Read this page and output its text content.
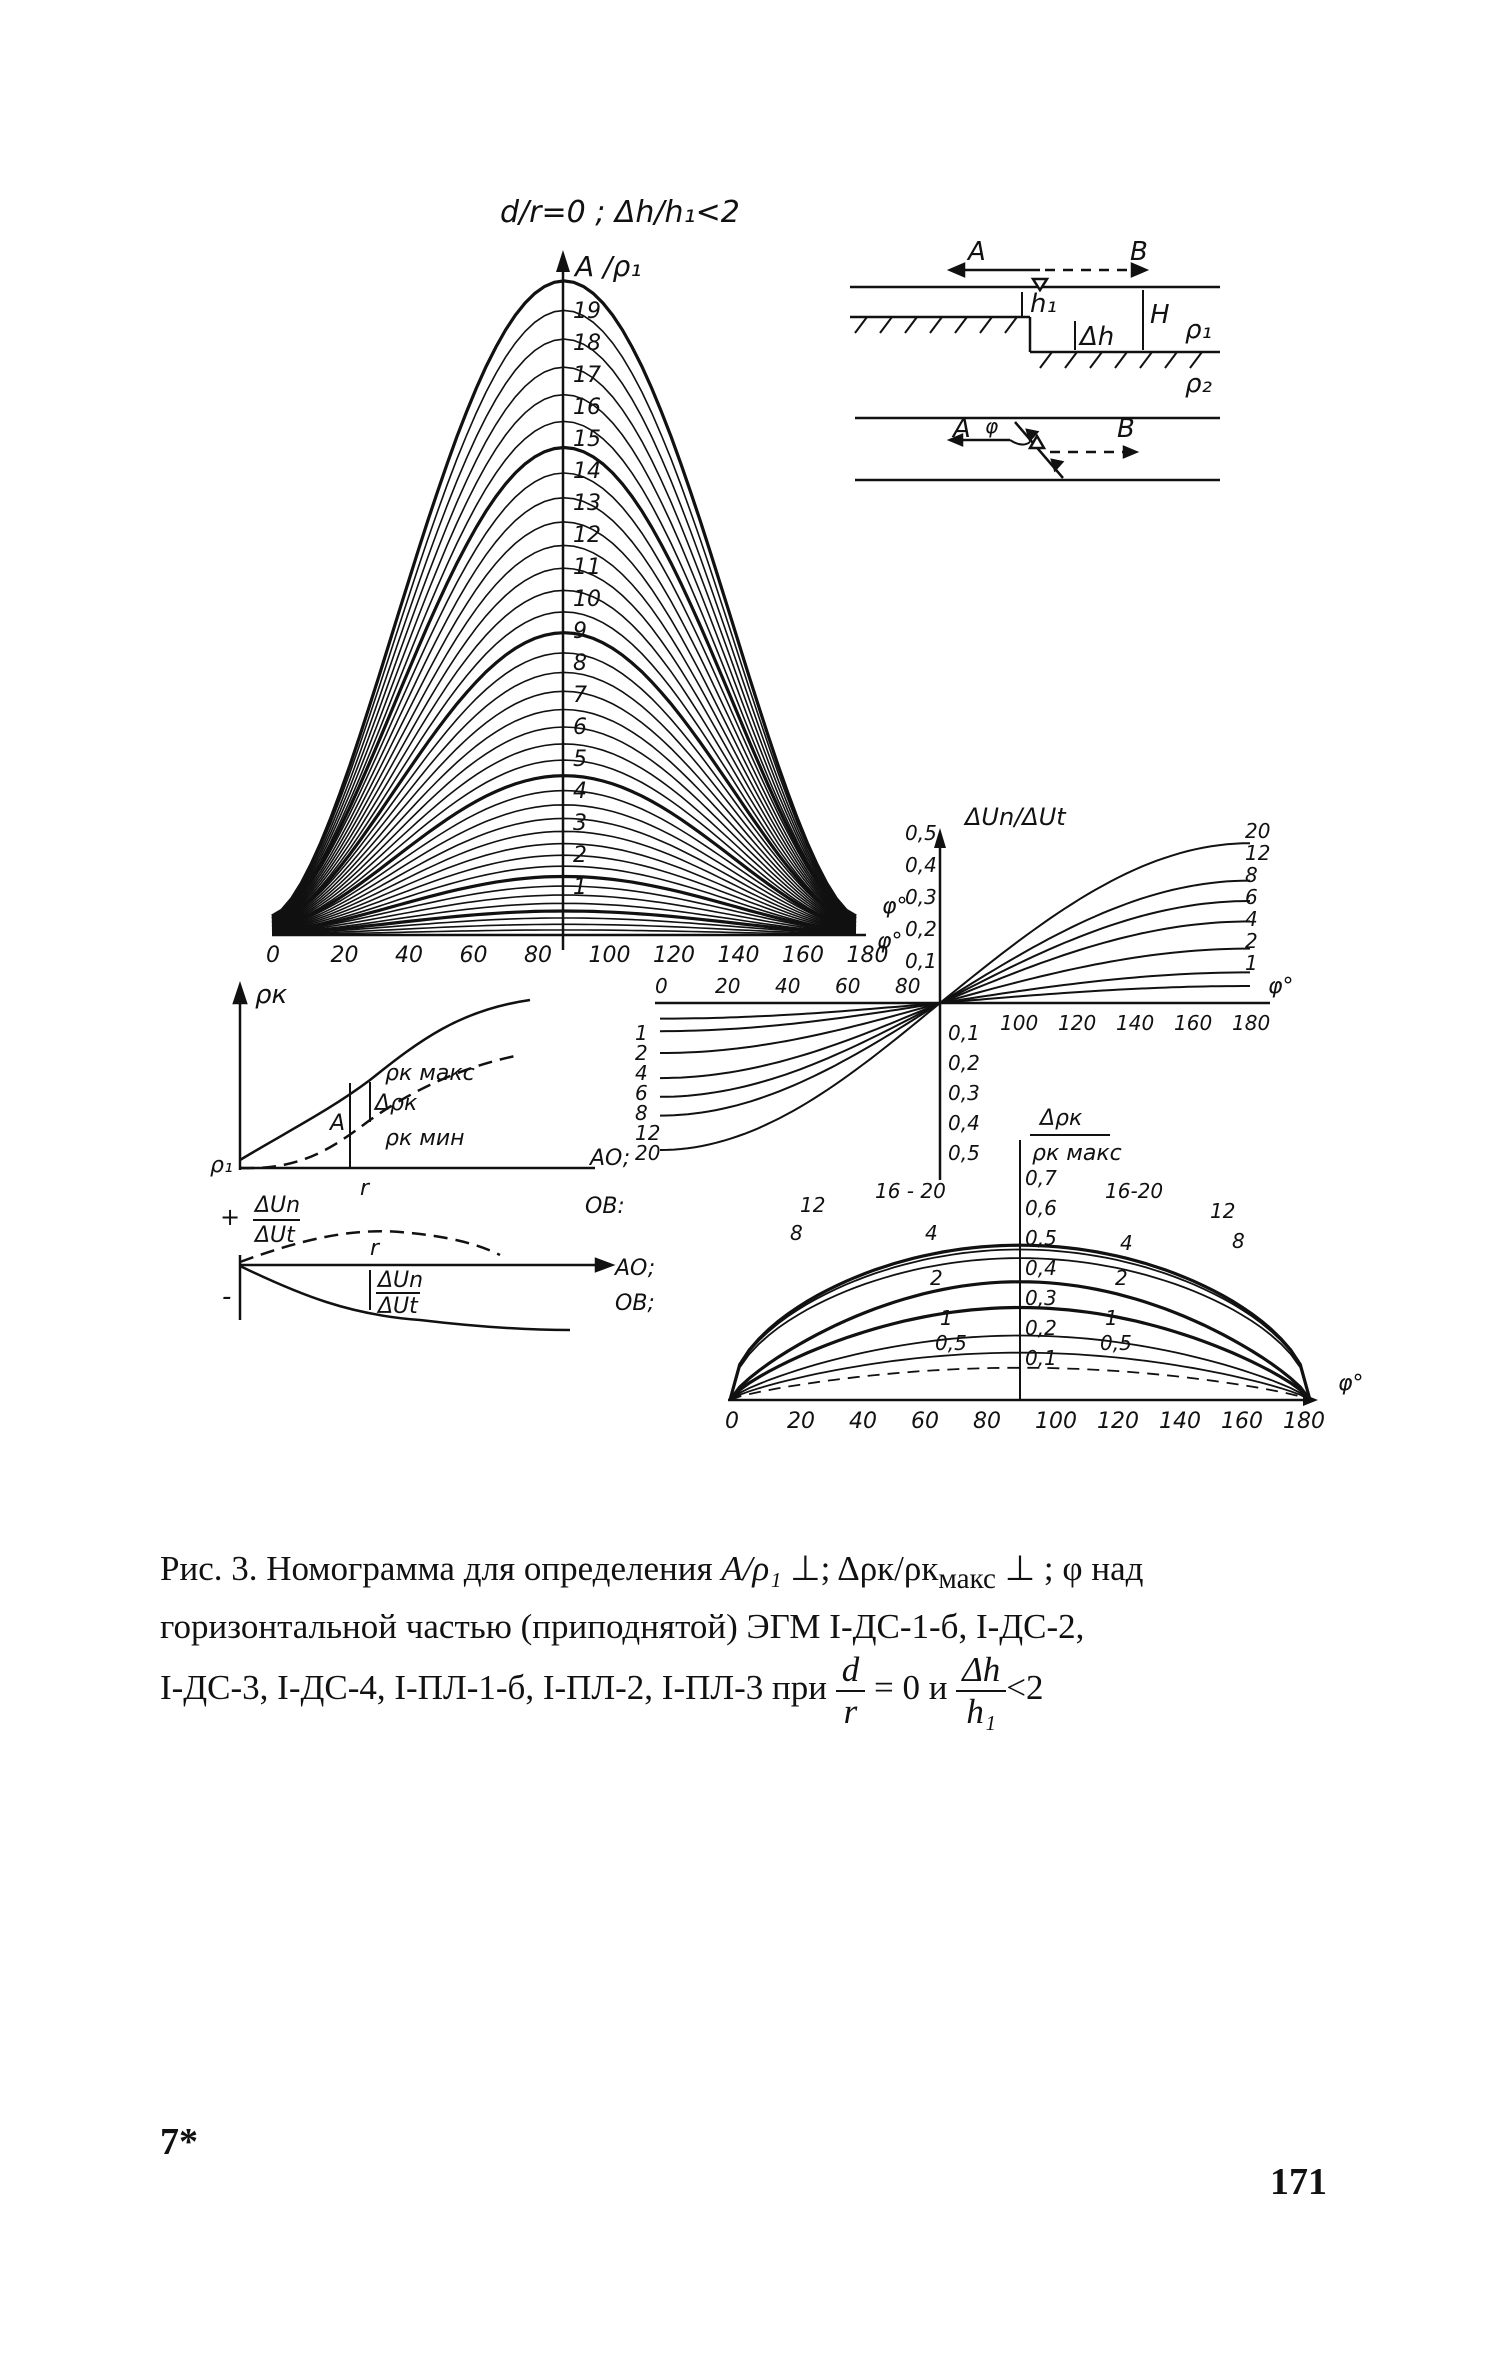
d/r=0 ; Δh/h₁<2
A /ρ₁
19
18
17
16
15
14
13
12
11
10
9
8
7
6
5
4
3
2
1
0 20 40 60 80 100 120 140 160 180
φ°
A	B
h₁
Δh
H ρ₁
ρ₂
A	B
φ
ΔUn/ΔUt
φ°
φ°
0,5
0,4
0,3
0,2
0,1
0,1
0,2
0,3
0,4
0,5
0 20 40 60 80
100 120 140 160 180
20
12
8
6
4
2
1
1
2
4
6
8
12
20
ρк
ρк макс
Δρк
ρк мин
A
ρ₁
r
AO;
OB:
+
-
ΔUn
ΔUt
r
ΔUn
ΔUt
AO;
OB;
Δρк
ρк макс
φ°
0 20 40 60 80 100 120 140 160 180
0,7
0,6
0,5
0,4
0,3
0,2
0,1
12
16 - 20
8	4
2
1
0,5
16-20
12
8
4
2
1
0,5
Рис. 3. Номограмма для определения A/ρ₁ ⊥; Δρк/$\rho к_{макс}$ ⊥ ; φ над
горизонтальной частью (приподнятой) ЭГМ I-ДС-1-б, I-ДС-2,
I-ДС-3, I-ДС-4, I-ПЛ-1-б, I-ПЛ-2, I-ПЛ-3 при $\frac{d}{r} = 0$ и $\frac{\Delta h}{\text{h₁}} <2$
7*
171
